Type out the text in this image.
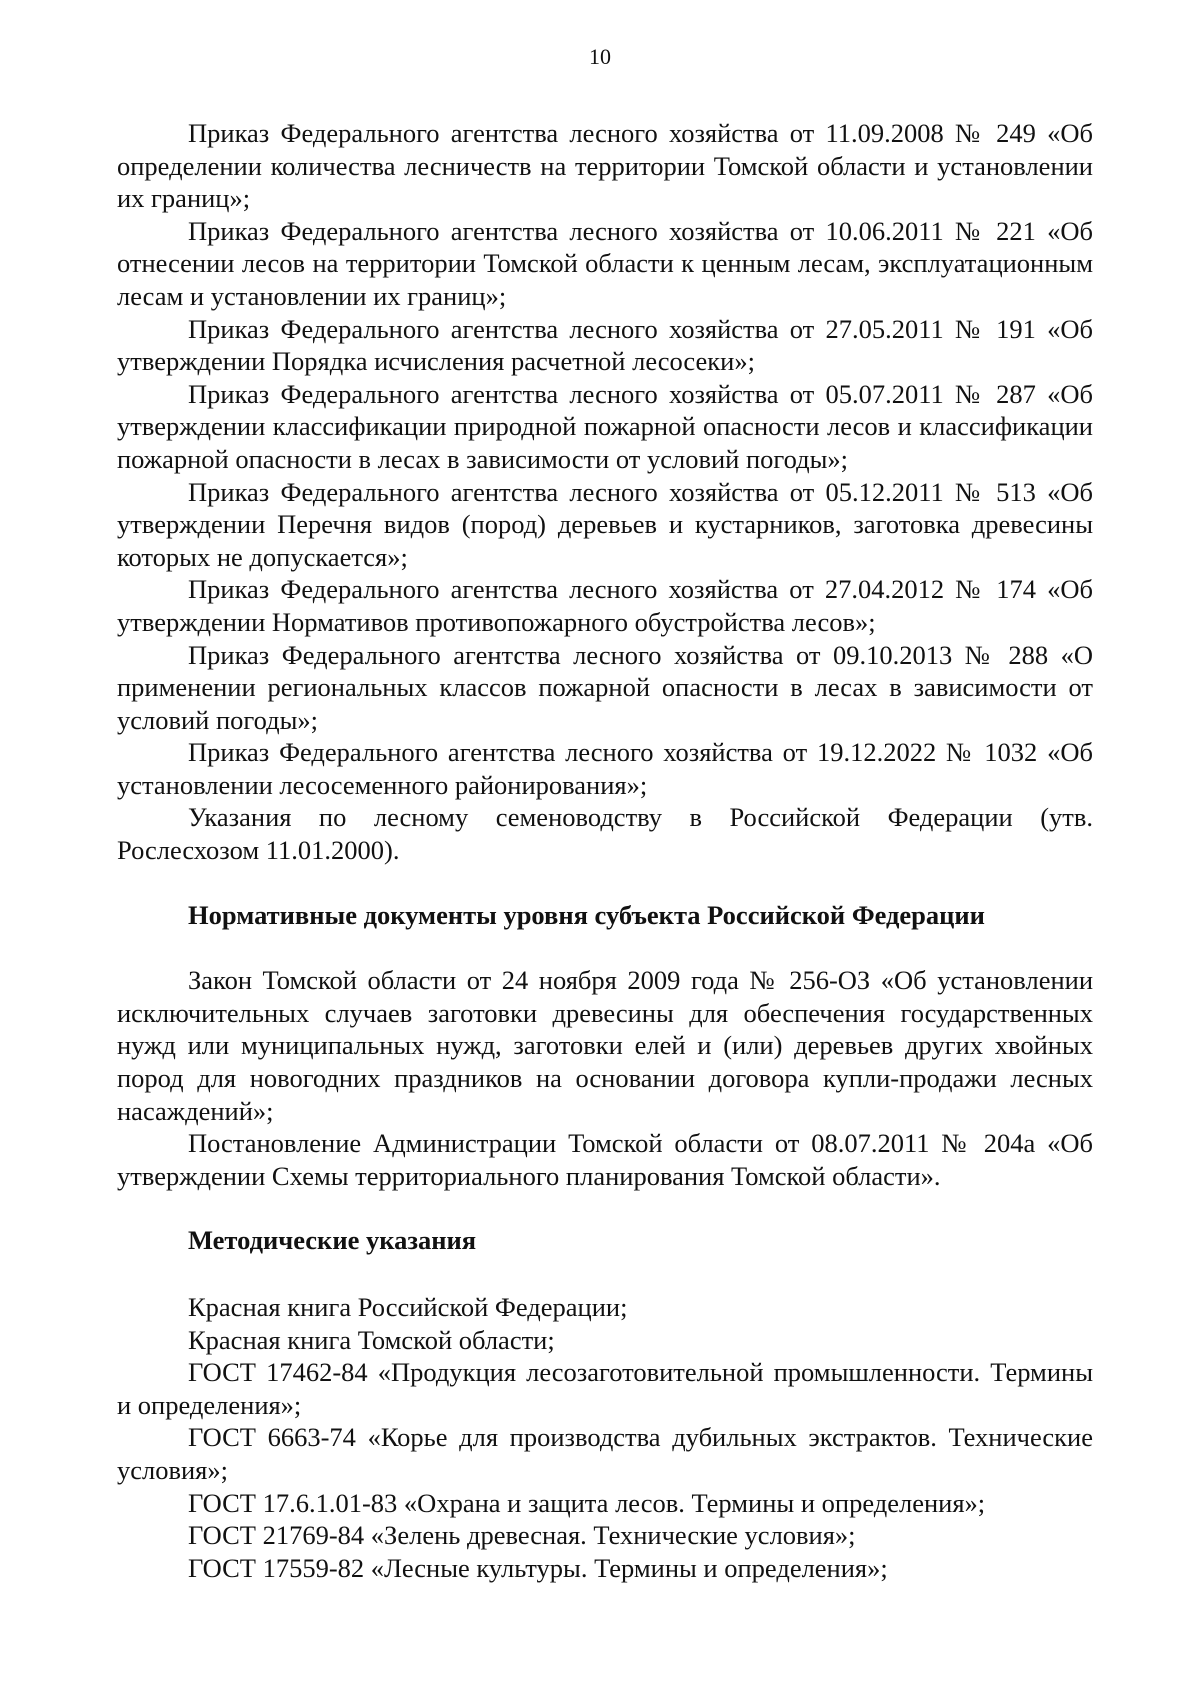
10

Приказ Федерального агентства лесного хозяйства от 11.09.2008 № 249 «Об определении количества лесничеств на территории Томской области и установлении их границ»;

Приказ Федерального агентства лесного хозяйства от 10.06.2011 № 221 «Об отнесении лесов на территории Томской области к ценным лесам, эксплуатационным лесам и установлении их границ»;

Приказ Федерального агентства лесного хозяйства от 27.05.2011 № 191 «Об утверждении Порядка исчисления расчетной лесосеки»;

Приказ Федерального агентства лесного хозяйства от 05.07.2011 № 287 «Об утверждении классификации природной пожарной опасности лесов и классификации пожарной опасности в лесах в зависимости от условий погоды»;

Приказ Федерального агентства лесного хозяйства от 05.12.2011 № 513 «Об утверждении Перечня видов (пород) деревьев и кустарников, заготовка древесины которых не допускается»;

Приказ Федерального агентства лесного хозяйства от 27.04.2012 № 174 «Об утверждении Нормативов противопожарного обустройства лесов»;

Приказ Федерального агентства лесного хозяйства от 09.10.2013 № 288 «О применении региональных классов пожарной опасности в лесах в зависимости от условий погоды»;

Приказ Федерального агентства лесного хозяйства от 19.12.2022 № 1032 «Об установлении лесосеменного районирования»;

Указания по лесному семеноводству в Российской Федерации (утв. Рослесхозом 11.01.2000).

Нормативные документы уровня субъекта Российской Федерации

Закон Томской области от 24 ноября 2009 года № 256-ОЗ «Об установлении исключительных случаев заготовки древесины для обеспечения государственных нужд или муниципальных нужд, заготовки елей и (или) деревьев других хвойных пород для новогодних праздников на основании договора купли-продажи лесных насаждений»;

Постановление Администрации Томской области от 08.07.2011 № 204а «Об утверждении Схемы территориального планирования Томской области».

Методические указания

Красная книга Российской Федерации;

Красная книга Томской области;

ГОСТ 17462-84 «Продукция лесозаготовительной промышленности. Термины и определения»;

ГОСТ 6663-74 «Корье для производства дубильных экстрактов. Технические условия»;

ГОСТ 17.6.1.01-83 «Охрана и защита лесов. Термины и определения»;

ГОСТ 21769-84 «Зелень древесная. Технические условия»;

ГОСТ 17559-82 «Лесные культуры. Термины и определения»;
